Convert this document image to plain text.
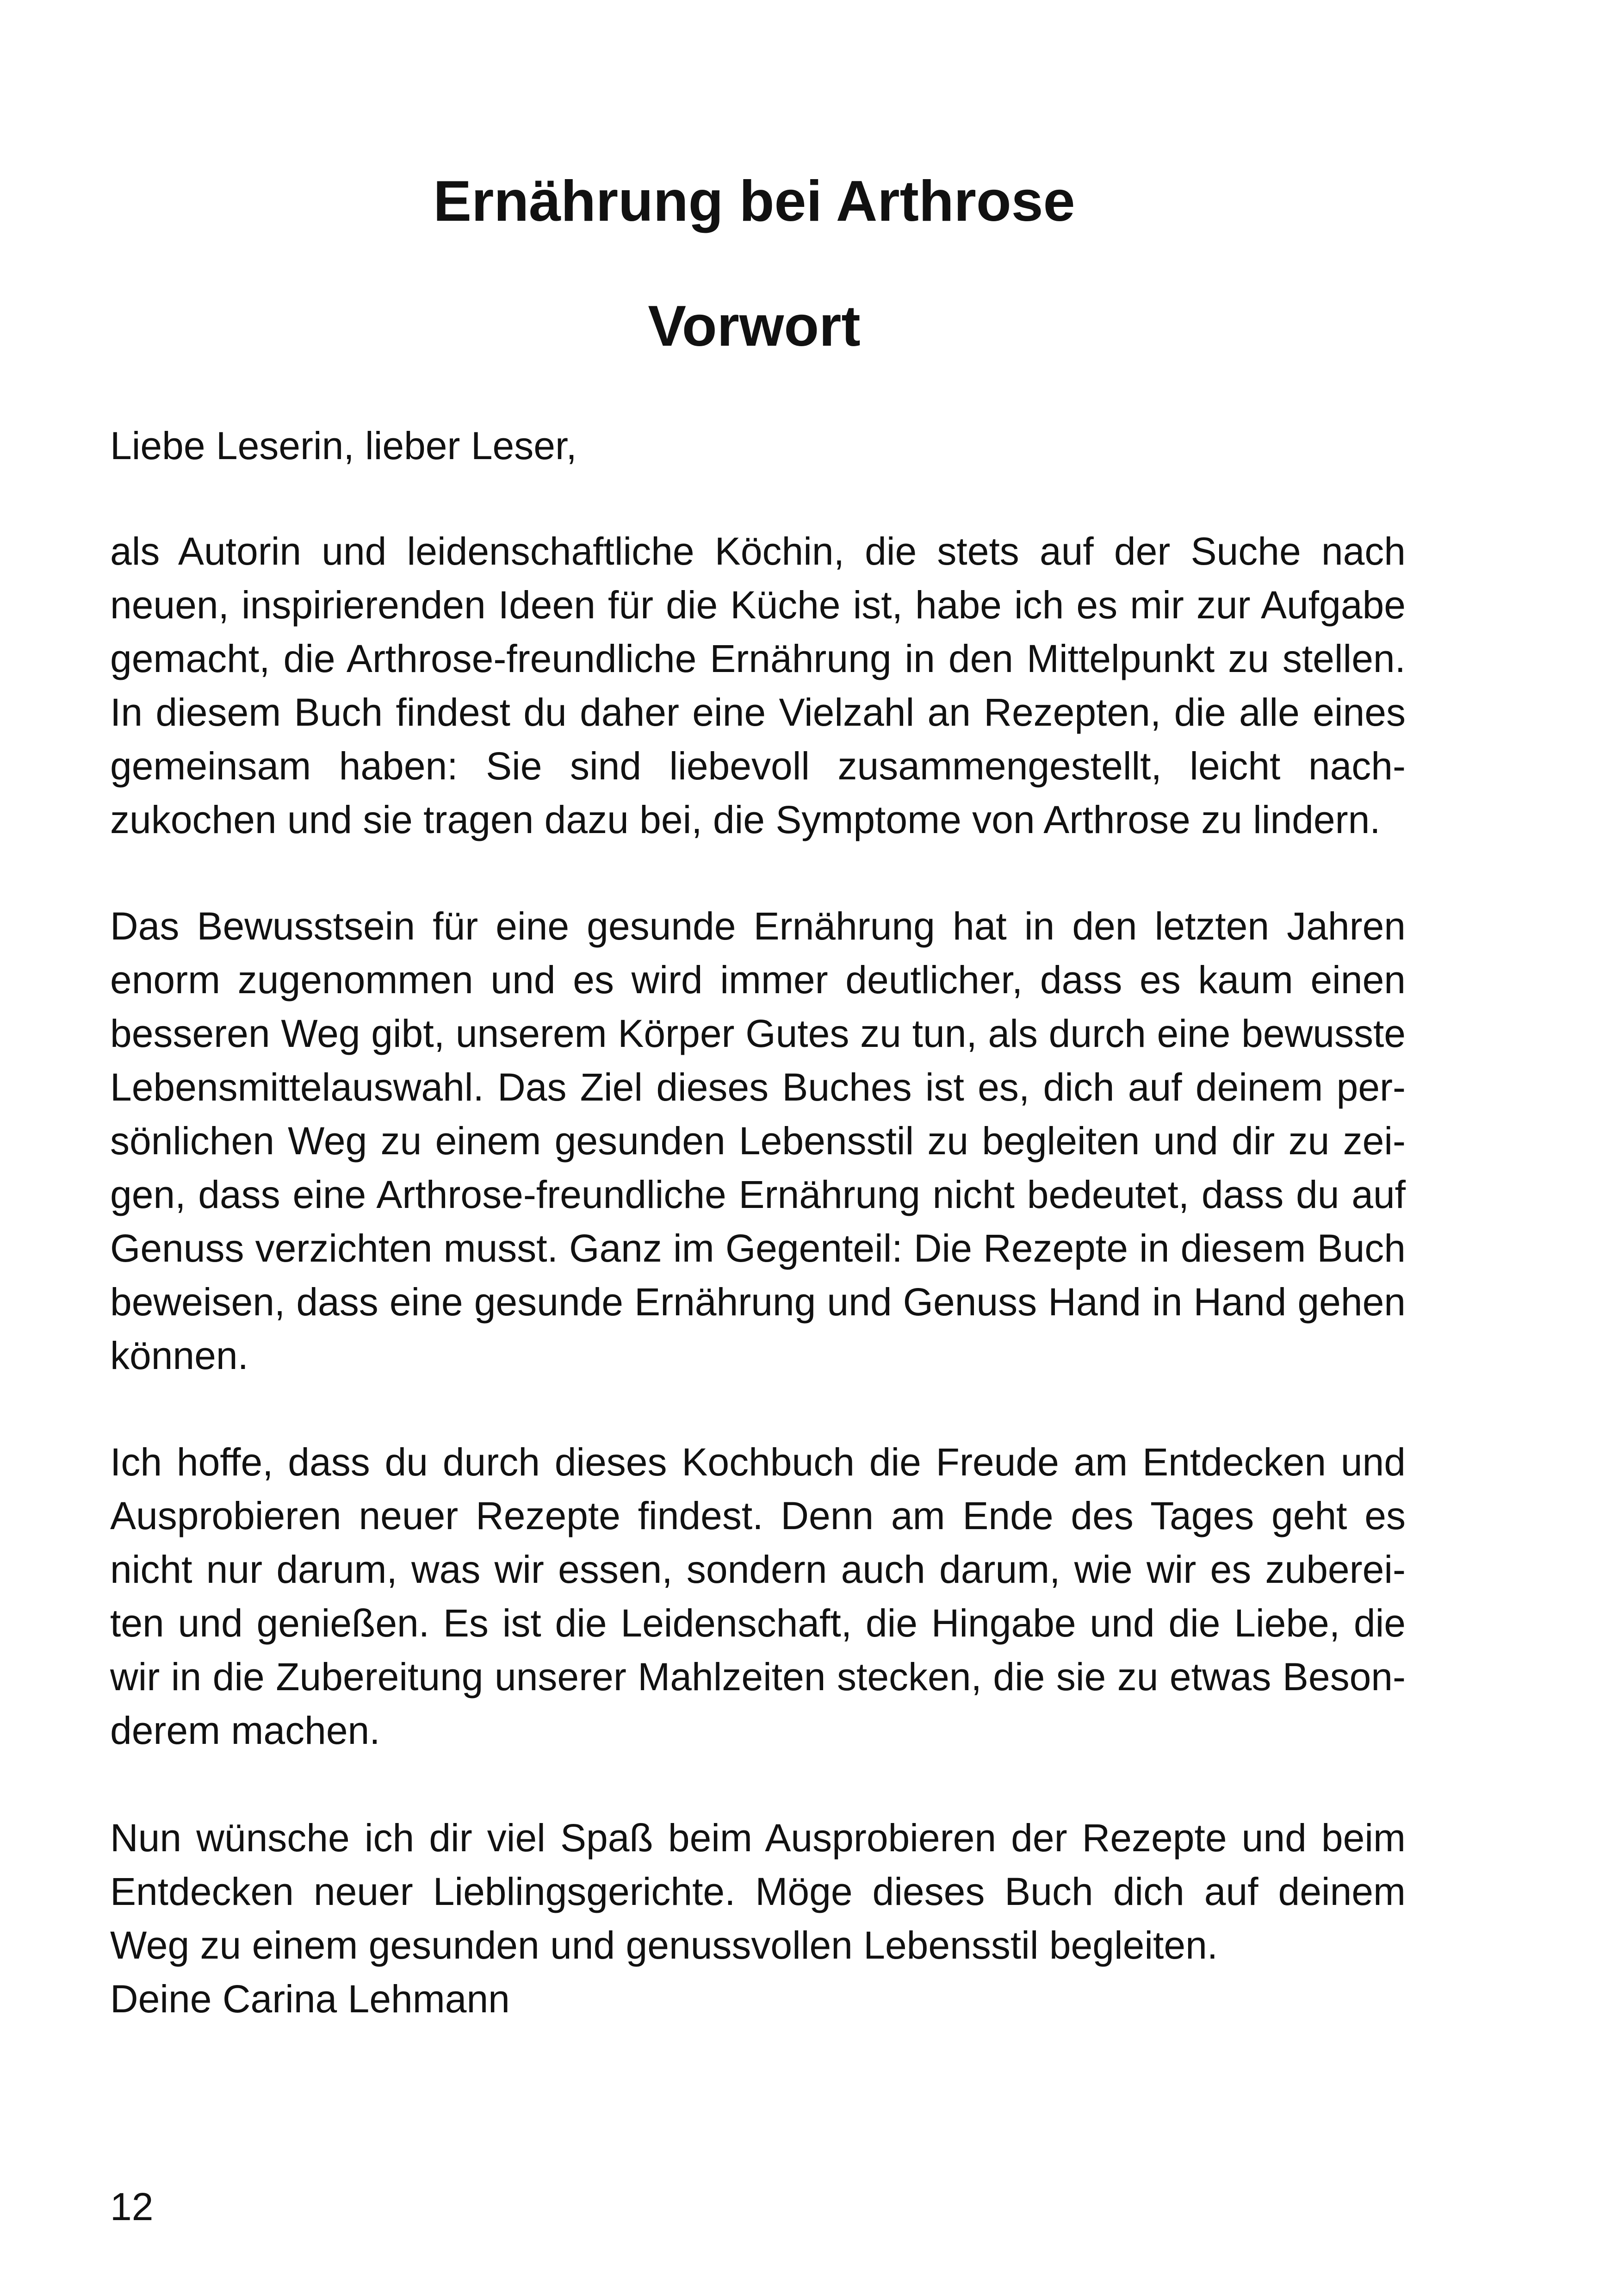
Ernährung bei Arthrose
Vorwort

Liebe Leserin, lieber Leser,

als Autorin und leidenschaftliche Köchin, die stets auf der Suche nach neuen, inspirierenden Ideen für die Küche ist, habe ich es mir zur Aufgabe gemacht, die Arthrose-freundliche Ernährung in den Mittelpunkt zu stellen. In diesem Buch findest du daher eine Vielzahl an Rezepten, die alle eines gemeinsam haben: Sie sind liebevoll zusammengestellt, leicht nachzukochen und sie tragen dazu bei, die Symptome von Arthrose zu lindern.

Das Bewusstsein für eine gesunde Ernährung hat in den letzten Jahren enorm zugenommen und es wird immer deutlicher, dass es kaum einen besseren Weg gibt, unserem Körper Gutes zu tun, als durch eine bewusste Lebensmittelauswahl. Das Ziel dieses Buches ist es, dich auf deinem persönlichen Weg zu einem gesunden Lebensstil zu begleiten und dir zu zeigen, dass eine Arthrose-freundliche Ernährung nicht bedeutet, dass du auf Genuss verzichten musst. Ganz im Gegenteil: Die Rezepte in diesem Buch beweisen, dass eine gesunde Ernährung und Genuss Hand in Hand gehen können.

Ich hoffe, dass du durch dieses Kochbuch die Freude am Entdecken und Ausprobieren neuer Rezepte findest. Denn am Ende des Tages geht es nicht nur darum, was wir essen, sondern auch darum, wie wir es zubereiten und genießen. Es ist die Leidenschaft, die Hingabe und die Liebe, die wir in die Zubereitung unserer Mahlzeiten stecken, die sie zu etwas Besonderem machen.

Nun wünsche ich dir viel Spaß beim Ausprobieren der Rezepte und beim Entdecken neuer Lieblingsgerichte. Möge dieses Buch dich auf deinem Weg zu einem gesunden und genussvollen Lebensstil begleiten.

Deine Carina Lehmann

12
